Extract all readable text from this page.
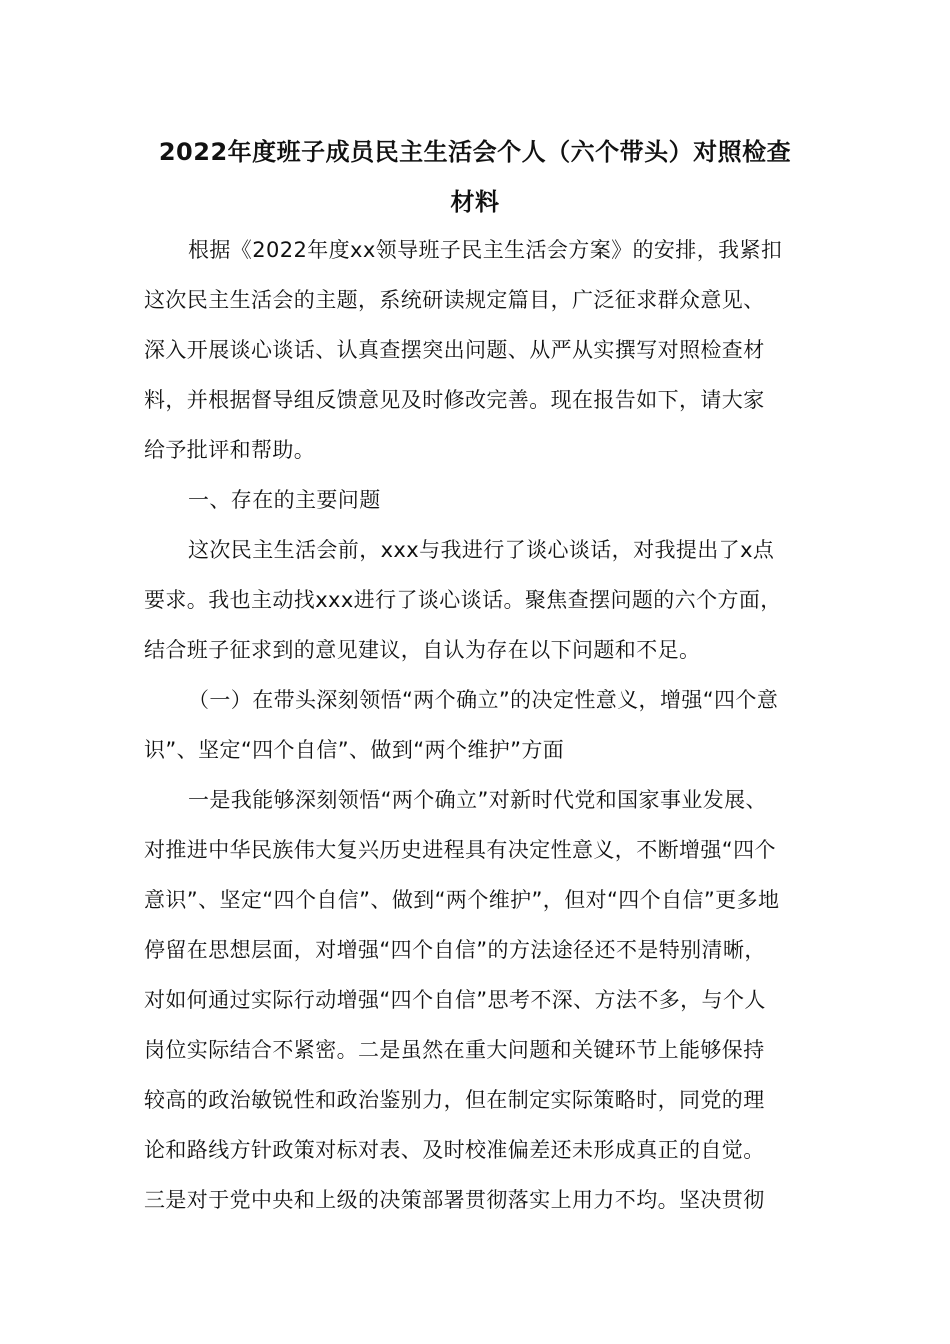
2022年度班子成员民主生活会个人（六个带头）对照检查
材料
根据《2022年度xx领导班子民主生活会方案》的安排，我紧扣
这次民主生活会的主题，系统研读规定篇目，广泛征求群众意见、
深入开展谈心谈话、认真查摆突出问题、从严从实撰写对照检查材
料，并根据督导组反馈意见及时修改完善。现在报告如下，请大家
给予批评和帮助。
一、存在的主要问题
这次民主生活会前，xxx与我进行了谈心谈话，对我提出了x点
要求。我也主动找xxx进行了谈心谈话。聚焦查摆问题的六个方面，
结合班子征求到的意见建议，自认为存在以下问题和不足。
（一）在带头深刻领悟“两个确立”的决定性意义，增强“四个意
识”、坚定“四个自信”、做到“两个维护”方面
一是我能够深刻领悟“两个确立”对新时代党和国家事业发展、
对推进中华民族伟大复兴历史进程具有决定性意义，不断增强“四个
意识”、坚定“四个自信”、做到“两个维护”，但对“四个自信”更多地
停留在思想层面，对增强“四个自信”的方法途径还不是特别清晰，
对如何通过实际行动增强“四个自信”思考不深、方法不多，与个人
岗位实际结合不紧密。二是虽然在重大问题和关键环节上能够保持
较高的政治敏锐性和政治鉴别力，但在制定实际策略时，同党的理
论和路线方针政策对标对表、及时校准偏差还未形成真正的自觉。
三是对于党中央和上级的决策部署贯彻落实上用力不均。坚决贯彻
